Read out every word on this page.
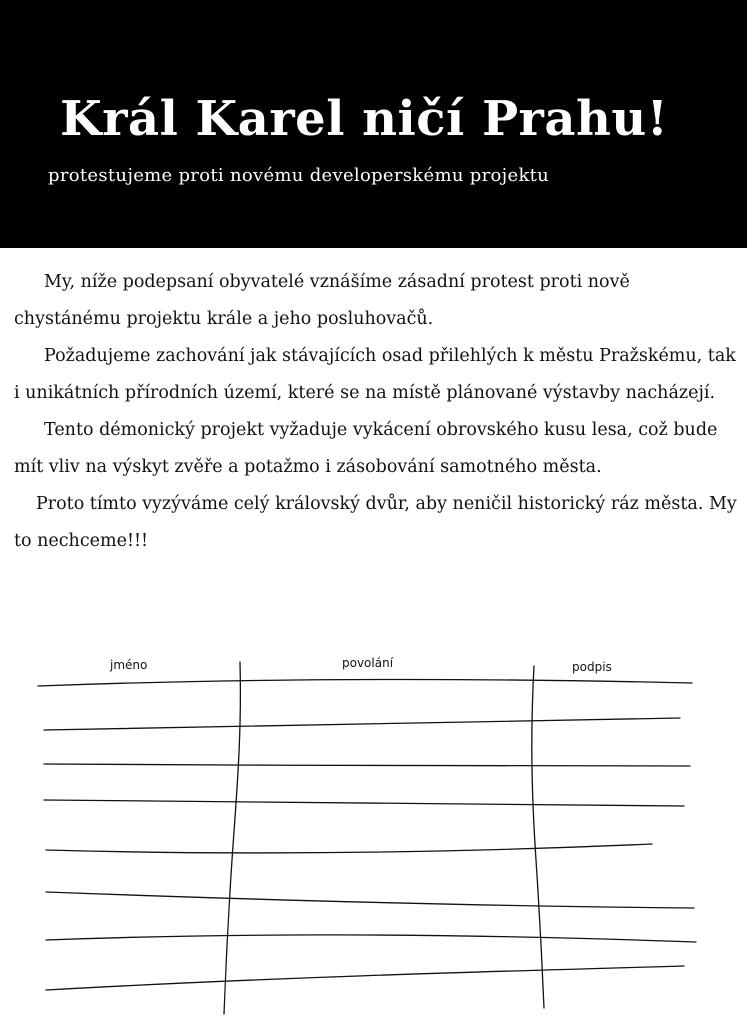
Král Karel ničí Prahu!

protestujeme proti novému developerskému projektu

My, níže podepsaní obyvatelé vznášíme zásadní protest proti nově chystánému projektu krále a jeho posluhovačů.

Požadujeme zachování jak stávajících osad přilehlých k městu Pražskému, tak i unikátních přírodních území, které se na místě plánované výstavby nacházejí.

Tento démonický projekt vyžaduje vykácení obrovského kusu lesa, což bude mít vliv na výskyt zvěře a potažmo i zásobování samotného města.

Proto tímto vyzýváme celý královský dvůr, aby neničil historický ráz města. My to nechceme!!!

jméno	povolání	podpis
